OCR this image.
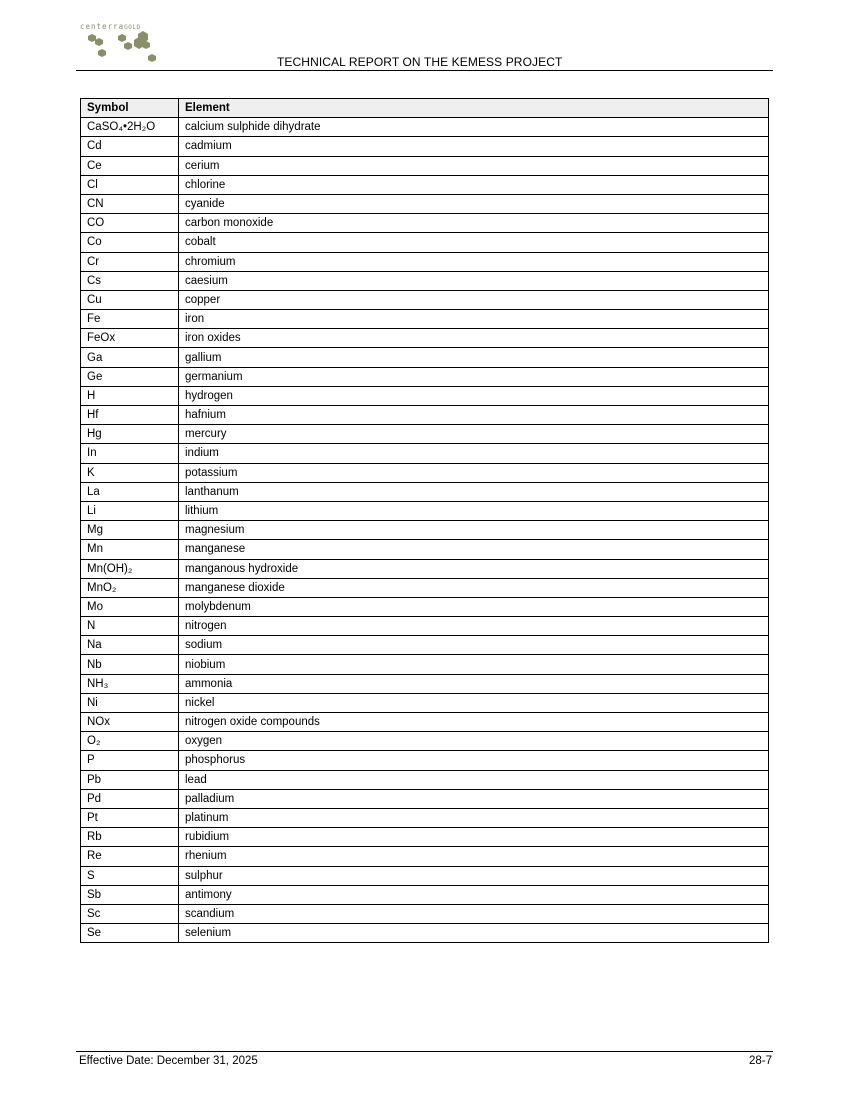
centerraGOLD
TECHNICAL REPORT ON THE KEMESS PROJECT
Symbol	Element
CaSO₄•2H₂O	calcium sulphide dihydrate
Cd	cadmium
Ce	cerium
Cl	chlorine
CN	cyanide
CO	carbon monoxide
Co	cobalt
Cr	chromium
Cs	caesium
Cu	copper
Fe	iron
FeOx	iron oxides
Ga	gallium
Ge	germanium
H	hydrogen
Hf	hafnium
Hg	mercury
In	indium
K	potassium
La	lanthanum
Li	lithium
Mg	magnesium
Mn	manganese
Mn(OH)₂	manganous hydroxide
MnO₂	manganese dioxide
Mo	molybdenum
N	nitrogen
Na	sodium
Nb	niobium
NH₃	ammonia
Ni	nickel
NOx	nitrogen oxide compounds
O₂	oxygen
P	phosphorus
Pb	lead
Pd	palladium
Pt	platinum
Rb	rubidium
Re	rhenium
S	sulphur
Sb	antimony
Sc	scandium
Se	selenium
Effective Date: December 31, 2025	28-7
